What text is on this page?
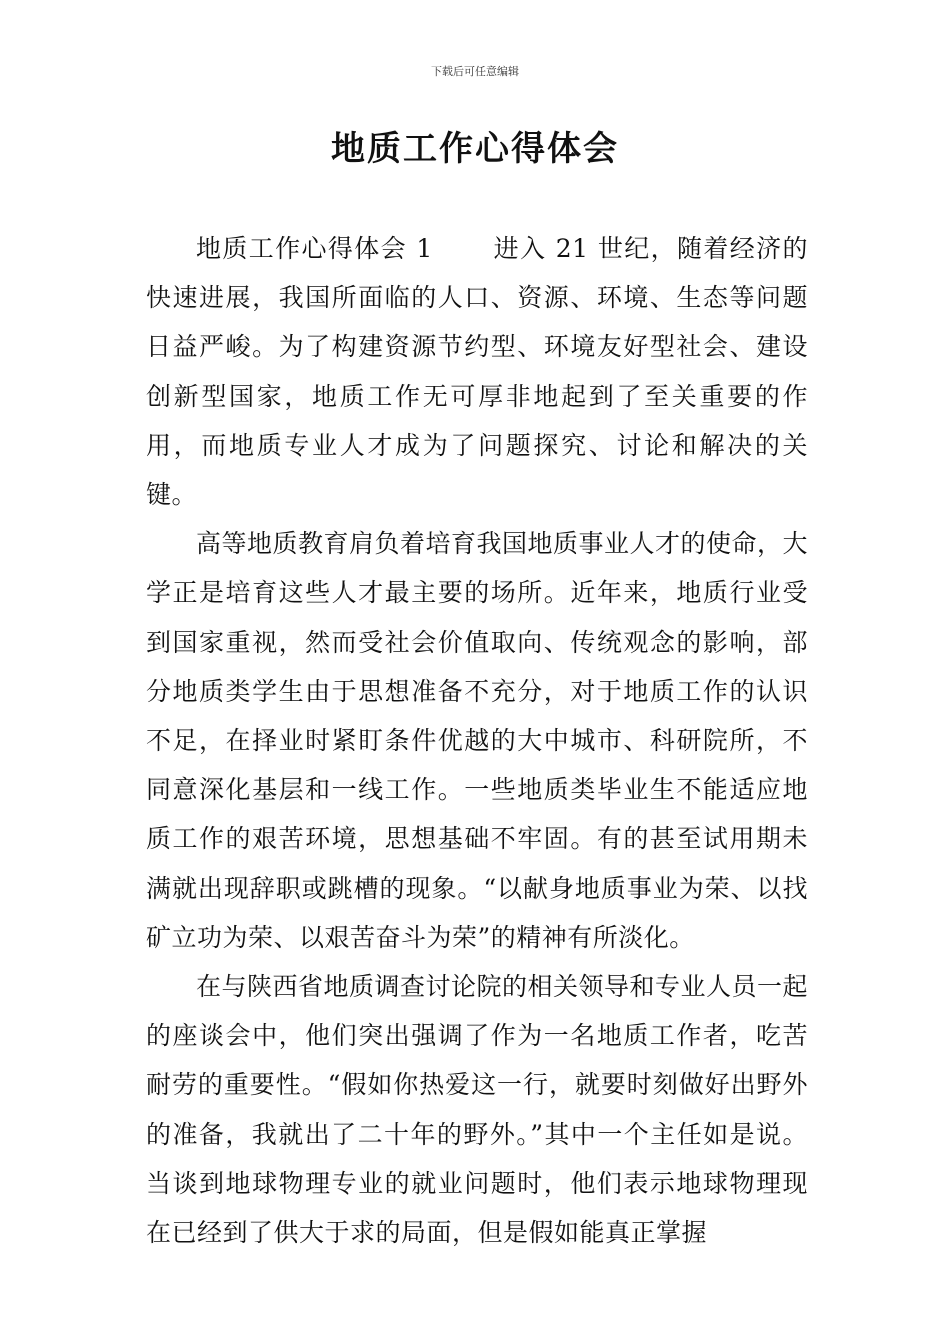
下载后可任意编辑
地质工作心得体会

地质工作心得体会 1 进入 21 世纪，随着经济的快速进展，我国所面临的人口、资源、环境、生态等问题日益严峻。为了构建资源节约型、环境友好型社会、建设创新型国家，地质工作无可厚非地起到了至关重要的作用，而地质专业人才成为了问题探究、讨论和解决的关键。

高等地质教育肩负着培育我国地质事业人才的使命，大学正是培育这些人才最主要的场所。近年来，地质行业受到国家重视，然而受社会价值取向、传统观念的影响，部分地质类学生由于思想准备不充分，对于地质工作的认识不足，在择业时紧盯条件优越的大中城市、科研院所，不同意深化基层和一线工作。一些地质类毕业生不能适应地质工作的艰苦环境，思想基础不牢固。有的甚至试用期未满就出现辞职或跳槽的现象。“以献身地质事业为荣、以找矿立功为荣、以艰苦奋斗为荣”的精神有所淡化。

在与陕西省地质调查讨论院的相关领导和专业人员一起的座谈会中，他们突出强调了作为一名地质工作者，吃苦耐劳的重要性。“假如你热爱这一行，就要时刻做好出野外的准备，我就出了二十年的野外。”其中一个主任如是说。当谈到地球物理专业的就业问题时，他们表示地球物理现在已经到了供大于求的局面，但是假如能真正掌握
